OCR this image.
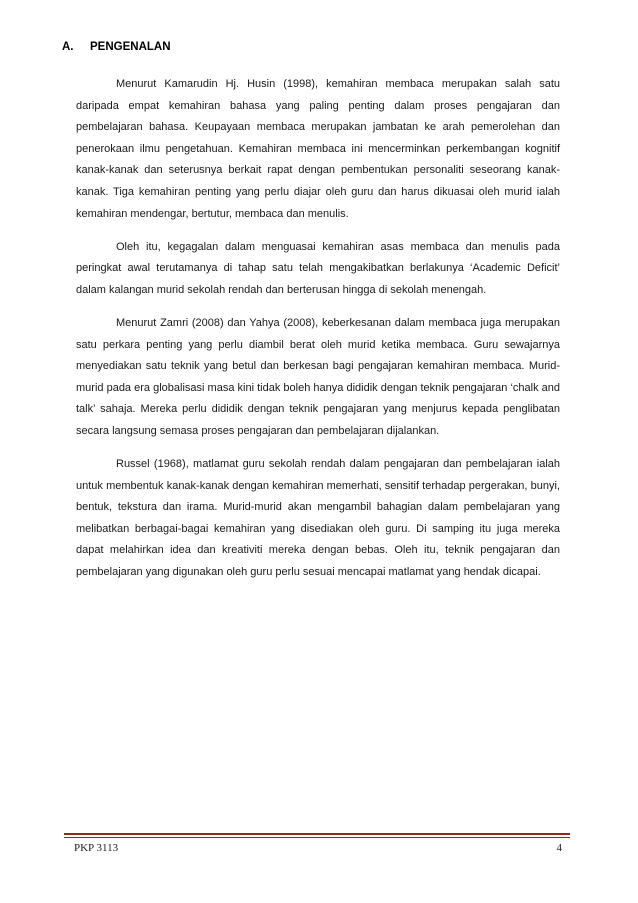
A. PENGENALAN

Menurut Kamarudin Hj. Husin (1998), kemahiran membaca merupakan salah satu daripada empat kemahiran bahasa yang paling penting dalam proses pengajaran dan pembelajaran bahasa. Keupayaan membaca merupakan jambatan ke arah pemerolehan dan penerokaan ilmu pengetahuan. Kemahiran membaca ini mencerminkan perkembangan kognitif kanak-kanak dan seterusnya berkait rapat dengan pembentukan personaliti seseorang kanak-kanak. Tiga kemahiran penting yang perlu diajar oleh guru dan harus dikuasai oleh murid ialah kemahiran mendengar, bertutur, membaca dan menulis.

Oleh itu, kegagalan dalam menguasai kemahiran asas membaca dan menulis pada peringkat awal terutamanya di tahap satu telah mengakibatkan berlakunya ‘Academic Deficit’ dalam kalangan murid sekolah rendah dan berterusan hingga di sekolah menengah.

Menurut Zamri (2008) dan Yahya (2008), keberkesanan dalam membaca juga merupakan satu perkara penting yang perlu diambil berat oleh murid ketika membaca. Guru sewajarnya menyediakan satu teknik yang betul dan berkesan bagi pengajaran kemahiran membaca. Murid-murid pada era globalisasi masa kini tidak boleh hanya dididik dengan teknik pengajaran ‘chalk and talk’ sahaja. Mereka perlu dididik dengan teknik pengajaran yang menjurus kepada penglibatan secara langsung semasa proses pengajaran dan pembelajaran dijalankan.

Russel (1968), matlamat guru sekolah rendah dalam pengajaran dan pembelajaran ialah untuk membentuk kanak-kanak dengan kemahiran memerhati, sensitif terhadap pergerakan, bunyi, bentuk, tekstura dan irama. Murid-murid akan mengambil bahagian dalam pembelajaran yang melibatkan berbagai-bagai kemahiran yang disediakan oleh guru. Di samping itu juga mereka dapat melahirkan idea dan kreativiti mereka dengan bebas. Oleh itu, teknik pengajaran dan pembelajaran yang digunakan oleh guru perlu sesuai mencapai matlamat yang hendak dicapai.

PKP 3113	4
